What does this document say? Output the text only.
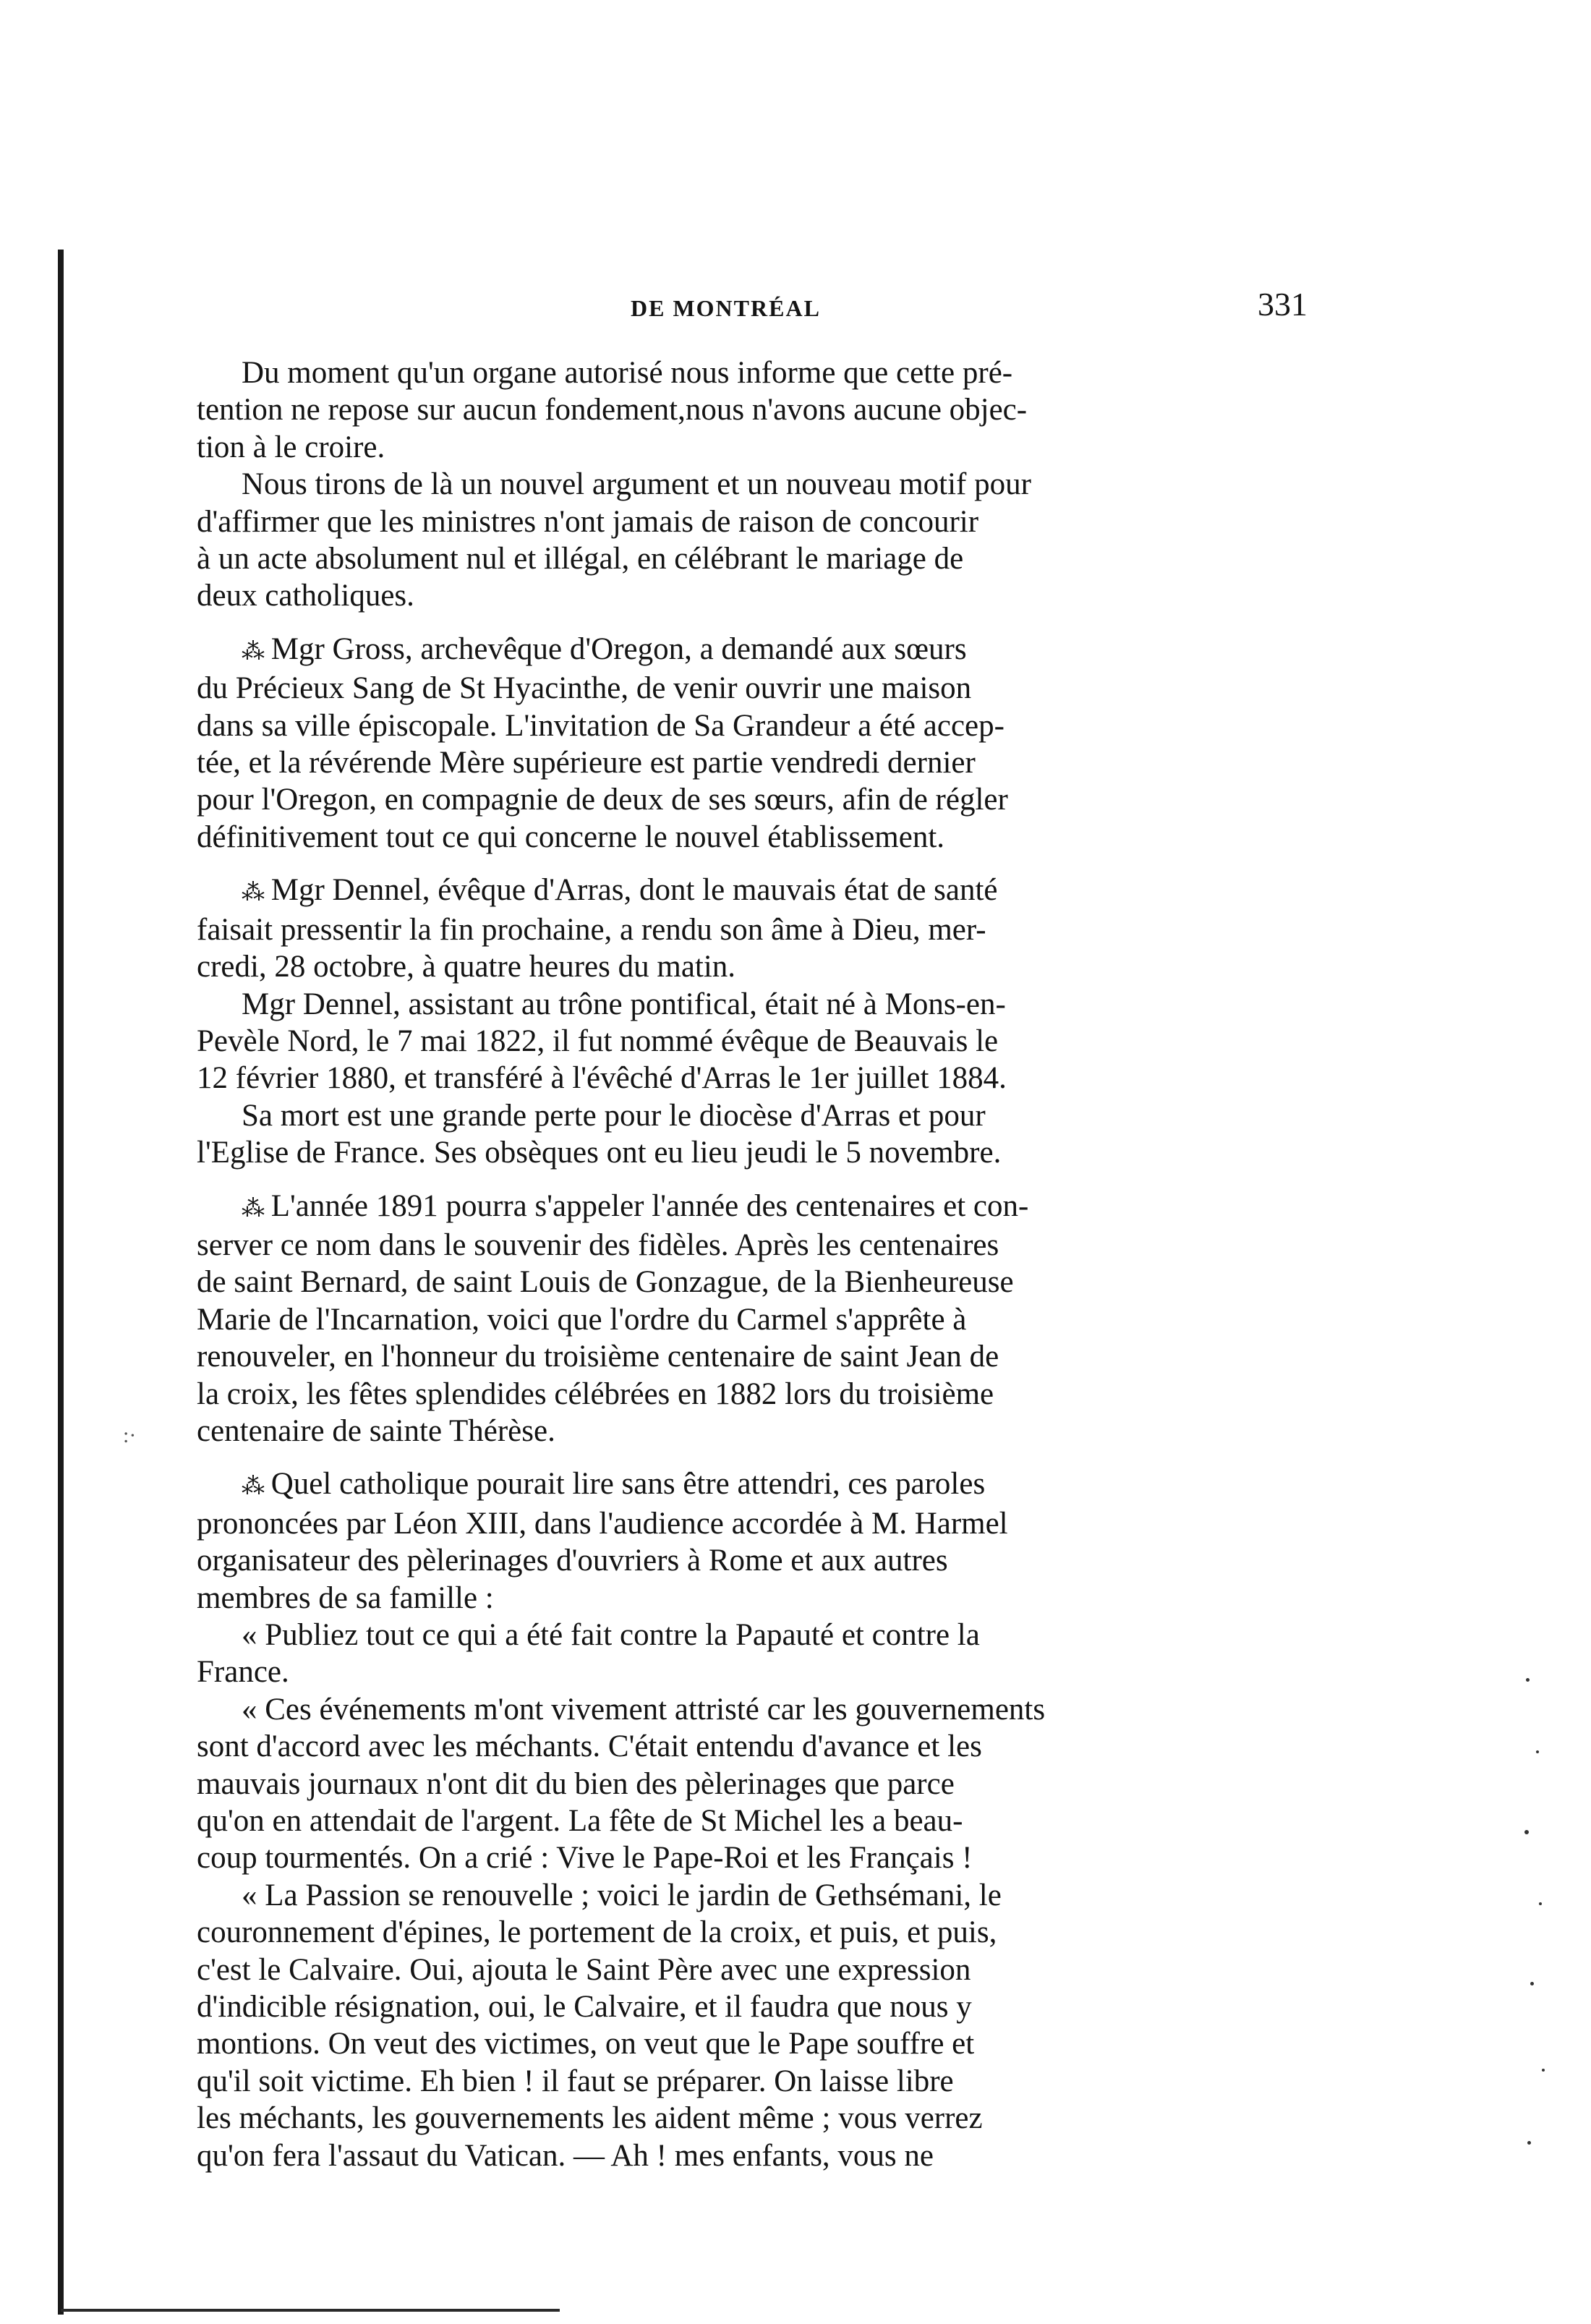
DE MONTRÉAL	331
Du moment qu'un organe autorisé nous informe que cette pré-
tention ne repose sur aucun fondement,nous n'avons aucune objec-
tion à le croire.

Nous tirons de là un nouvel argument et un nouveau motif pour
d'affirmer que les ministres n'ont jamais de raison de concourir
à un acte absolument nul et illégal, en célébrant le mariage de
deux catholiques.

⁂ Mgr Gross, archevêque d'Oregon, a demandé aux sœurs
du Précieux Sang de St Hyacinthe, de venir ouvrir une maison
dans sa ville épiscopale. L'invitation de Sa Grandeur a été accep-
tée, et la révérende Mère supérieure est partie vendredi dernier
pour l'Oregon, en compagnie de deux de ses sœurs, afin de régler
définitivement tout ce qui concerne le nouvel établissement.

⁂ Mgr Dennel, évêque d'Arras, dont le mauvais état de santé
faisait pressentir la fin prochaine, a rendu son âme à Dieu, mer-
credi, 28 octobre, à quatre heures du matin.

Mgr Dennel, assistant au trône pontifical, était né à Mons-en-
Pevèle Nord, le 7 mai 1822, il fut nommé évêque de Beauvais le
12 février 1880, et transféré à l'évêché d'Arras le 1er juillet 1884.

Sa mort est une grande perte pour le diocèse d'Arras et pour
l'Eglise de France. Ses obsèques ont eu lieu jeudi le 5 novembre.

⁂ L'année 1891 pourra s'appeler l'année des centenaires et con-
server ce nom dans le souvenir des fidèles. Après les centenaires
de saint Bernard, de saint Louis de Gonzague, de la Bienheureuse
Marie de l'Incarnation, voici que l'ordre du Carmel s'apprête à
renouveler, en l'honneur du troisième centenaire de saint Jean de
la croix, les fêtes splendides célébrées en 1882 lors du troisième
centenaire de sainte Thérèse.

⁂ Quel catholique pourait lire sans être attendri, ces paroles
prononcées par Léon XIII, dans l'audience accordée à M. Harmel
organisateur des pèlerinages d'ouvriers à Rome et aux autres
membres de sa famille :

« Publiez tout ce qui a été fait contre la Papauté et contre la
France.

« Ces événements m'ont vivement attristé car les gouvernements
sont d'accord avec les méchants. C'était entendu d'avance et les
mauvais journaux n'ont dit du bien des pèlerinages que parce
qu'on en attendait de l'argent. La fête de St Michel les a beau-
coup tourmentés. On a crié : Vive le Pape-Roi et les Français !

« La Passion se renouvelle ; voici le jardin de Gethsémani, le
couronnement d'épines, le portement de la croix, et puis, et puis,
c'est le Calvaire. Oui, ajouta le Saint Père avec une expression
d'indicible résignation, oui, le Calvaire, et il faudra que nous y
montions. On veut des victimes, on veut que le Pape souffre et
qu'il soit victime. Eh bien ! il faut se préparer. On laisse libre
les méchants, les gouvernements les aident même ; vous verrez
qu'on fera l'assaut du Vatican. — Ah ! mes enfants, vous ne

:·
